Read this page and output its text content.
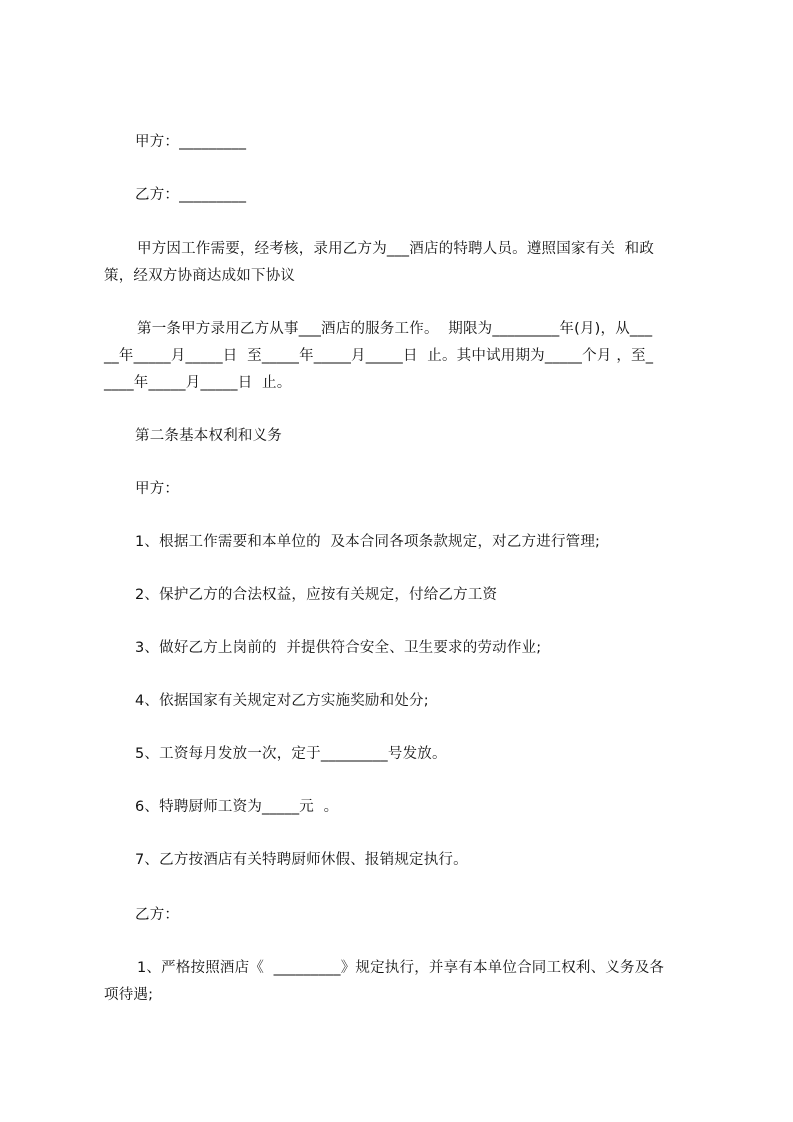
甲方：_________
乙方：_________
甲方因工作需要，经考核，录用乙方为___酒店的特聘人员。遵照国家有关  和政
策，经双方协商达成如下协议
第一条甲方录用乙方从事___酒店的服务工作。  期限为_________年(月)，从___
__年_____月_____日  至_____年_____月_____日  止。其中试用期为_____个月 ，至_
____年_____月_____日  止。
第二条基本权利和义务
甲方：
1、根据工作需要和本单位的  及本合同各项条款规定，对乙方进行管理;
2、保护乙方的合法权益，应按有关规定，付给乙方工资
3、做好乙方上岗前的  并提供符合安全、卫生要求的劳动作业;
4、依据国家有关规定对乙方实施奖励和处分;
5、工资每月发放一次，定于_________号发放。
6、特聘厨师工资为_____元  。
7、乙方按酒店有关特聘厨师休假、报销规定执行。
乙方：
1、严格按照酒店《  _________》规定执行，并享有本单位合同工权利、义务及各
项待遇;
